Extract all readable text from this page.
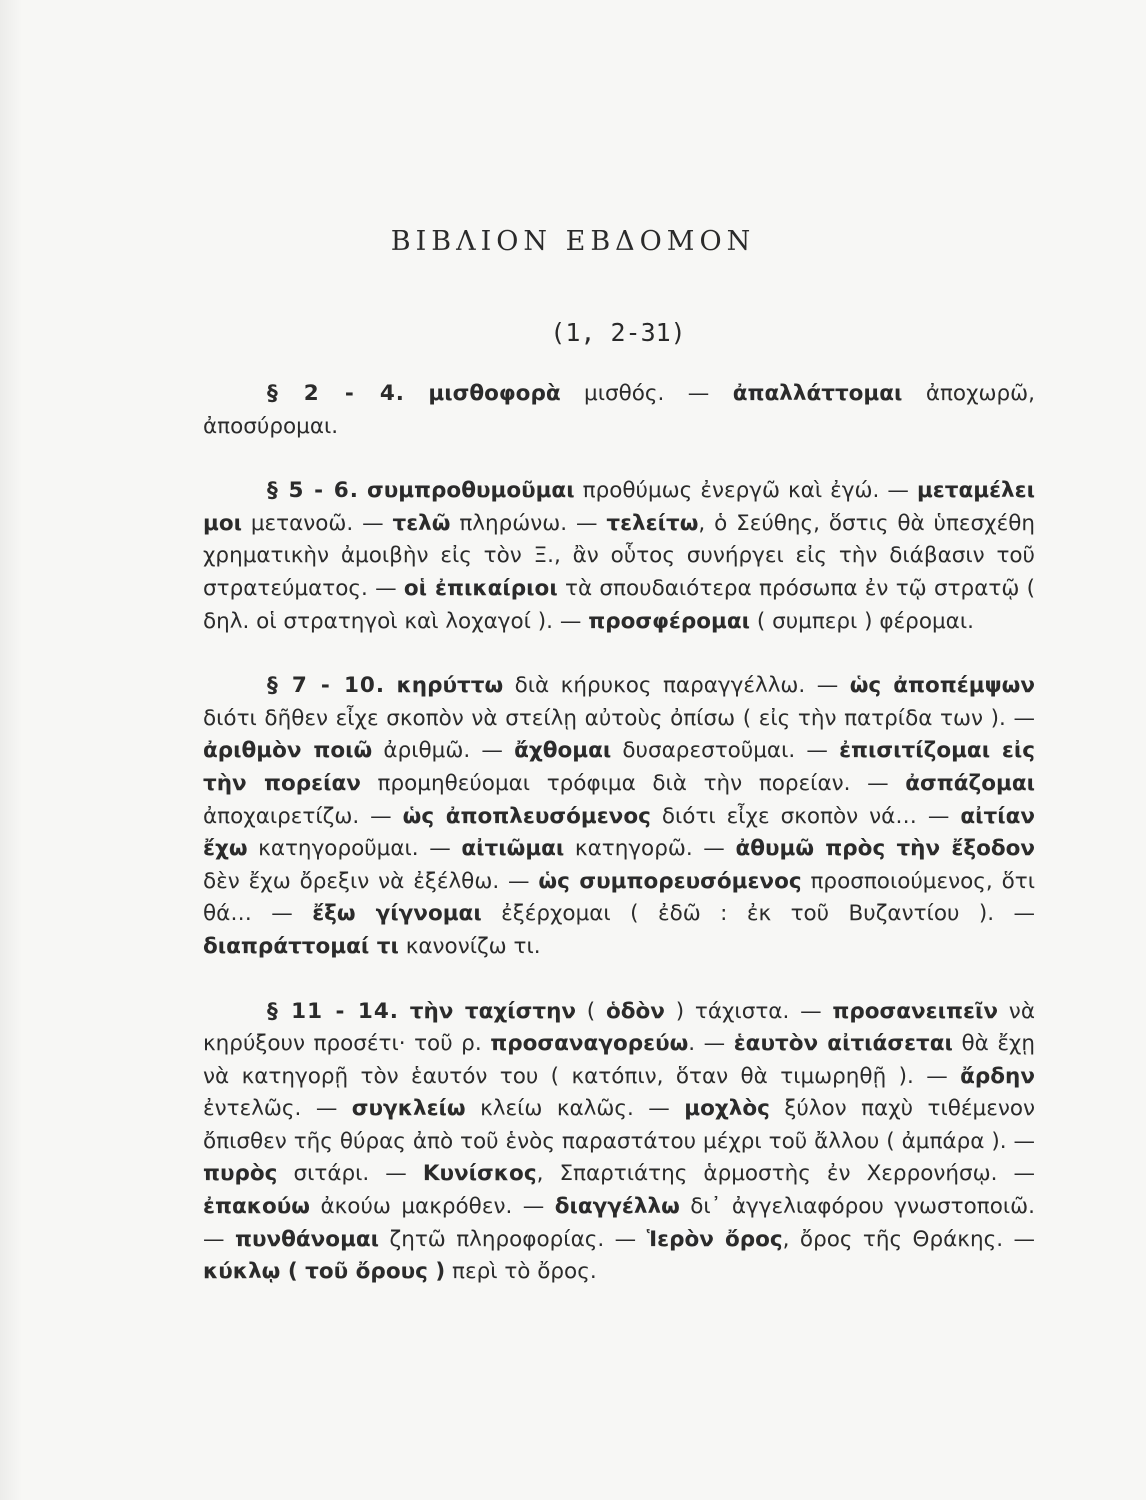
ΒΙΒΛΙΟΝ ΕΒΔΟΜΟΝ
(1, 2-31)

§ 2 - 4. μισθοφορὰ μισθός. — ἀπαλλάττομαι ἀποχωρῶ, ἀποσύρομαι.

§ 5 - 6. συμπροθυμοῦμαι προθύμως ἐνεργῶ καὶ ἐγώ. — μεταμέλει μοι μετανοῶ. — τελῶ πληρώνω. — τελείτω, ὁ Σεύθης, ὅστις θὰ ὑπεσχέθη χρηματικὴν ἀμοιβὴν εἰς τὸν Ξ., ἂν οὗτος συνήργει εἰς τὴν διάβασιν τοῦ στρατεύματος. — οἱ ἐπικαίριοι τὰ σπουδαιότερα πρόσωπα ἐν τῷ στρατῷ ( δηλ. οἱ στρατηγοὶ καὶ λοχαγοί ). — προσφέρομαι ( συμπερι ) φέρομαι.

§ 7 - 10. κηρύττω διὰ κήρυκος παραγγέλλω. — ὡς ἀποπέμψων διότι δῆθεν εἶχε σκοπὸν νὰ στείλῃ αὐτοὺς ὀπίσω ( εἰς τὴν πατρίδα των ). — ἀριθμὸν ποιῶ ἀριθμῶ. — ἄχθομαι δυσαρεστοῦμαι. — ἐπισιτίζομαι εἰς τὴν πορείαν προμηθεύομαι τρόφιμα διὰ τὴν πορείαν. — ἀσπάζομαι ἀποχαιρετίζω. — ὡς ἀποπλευσόμενος διότι εἶχε σκοπὸν νά… — αἰτίαν ἔχω κατηγοροῦμαι. — αἰτιῶμαι κατηγορῶ. — ἀθυμῶ πρὸς τὴν ἔξοδον δὲν ἔχω ὄρεξιν νὰ ἐξέλθω. — ὡς συμπορευσόμενος προσποιούμενος, ὅτι θά… — ἔξω γίγνομαι ἐξέρχομαι ( ἐδῶ : ἐκ τοῦ Βυζαντίου ). — διαπράττομαί τι κανονίζω τι.

§ 11 - 14. τὴν ταχίστην ( ὁδὸν ) τάχιστα. — προσανειπεῖν νὰ κηρύξουν προσέτι· τοῦ ρ. προσαναγορεύω. — ἑαυτὸν αἰτιάσεται θὰ ἔχῃ νὰ κατηγορῇ τὸν ἑαυτόν του ( κατόπιν, ὅταν θὰ τιμωρηθῇ ). — ἄρδην ἐντελῶς. — συγκλείω κλείω καλῶς. — μοχλὸς ξύλον παχὺ τιθέμενον ὄπισθεν τῆς θύρας ἀπὸ τοῦ ἑνὸς παραστάτου μέχρι τοῦ ἄλλου ( ἀμπάρα ). — πυρὸς σιτάρι. — Κυνίσκος, Σπαρτιάτης ἁρμοστὴς ἐν Χερρονήσῳ. — ἐπακούω ἀκούω μακρόθεν. — διαγγέλλω δι᾽ ἀγγελιαφόρου γνωστοποιῶ. — πυνθάνομαι ζητῶ πληροφορίας. — Ἱερὸν ὄρος, ὄρος τῆς Θράκης. — κύκλῳ ( τοῦ ὄρους ) περὶ τὸ ὄρος.
